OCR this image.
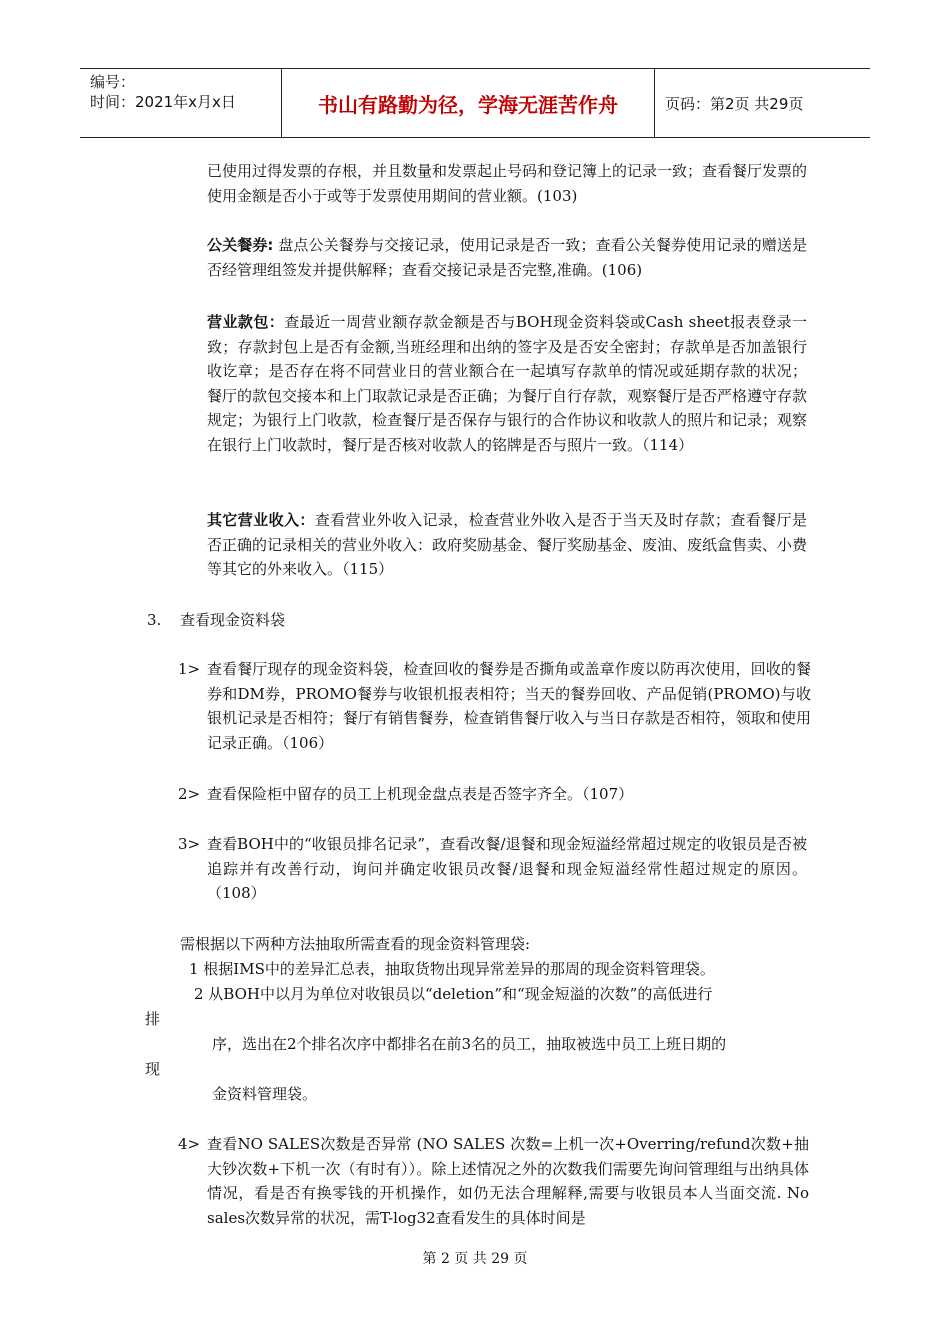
编号：
时间：2021年x月x日	书山有路勤为径，学海无涯苦作舟	页码：第2页 共29页
已使用过得发票的存根，并且数量和发票起止号码和登记簿上的记录一致；查看餐厅发票的使用金额是否小于或等于发票使用期间的营业额。(103)
公关餐券: 盘点公关餐券与交接记录，使用记录是否一致；查看公关餐券使用记录的赠送是否经管理组签发并提供解释；查看交接记录是否完整,准确。(106)
营业款包：查最近一周营业额存款金额是否与BOH现金资料袋或Cash sheet报表登录一致；存款封包上是否有金额,当班经理和出纳的签字及是否安全密封；存款单是否加盖银行收讫章；是否存在将不同营业日的营业额合在一起填写存款单的情况或延期存款的状况； 餐厅的款包交接本和上门取款记录是否正确；为餐厅自行存款，观察餐厅是否严格遵守存款规定；为银行上门收款，检查餐厅是否保存与银行的合作协议和收款人的照片和记录；观察在银行上门收款时，餐厅是否核对收款人的铭牌是否与照片一致。（114）
其它营业收入：查看营业外收入记录，检查营业外收入是否于当天及时存款；查看餐厅是否正确的记录相关的营业外收入：政府奖励基金、餐厅奖励基金、废油、废纸盒售卖、小费等其它的外来收入。（115）
3. 查看现金资料袋
1> 查看餐厅现存的现金资料袋，检查回收的餐券是否撕角或盖章作废以防再次使用，回收的餐券和DM券，PROMO餐券与收银机报表相符；当天的餐券回收、产品促销(PROMO)与收银机记录是否相符；餐厅有销售餐券，检查销售餐厅收入与当日存款是否相符，领取和使用记录正确。（106）
2> 查看保险柜中留存的员工上机现金盘点表是否签字齐全。（107）
3> 查看BOH中的“收银员排名记录”，查看改餐/退餐和现金短溢经常超过规定的收银员是否被追踪并有改善行动，询问并确定收银员改餐/退餐和现金短溢经常性超过规定的原因。（108）
需根据以下两种方法抽取所需查看的现金资料管理袋:
1 根据IMS中的差异汇总表，抽取货物出现异常差异的那周的现金资料管理袋。
2 从BOH中以月为单位对收银员以“deletion”和“现金短溢的次数”的高低进行
排
序，选出在2个排名次序中都排名在前3名的员工，抽取被选中员工上班日期的
现
金资料管理袋。
4> 查看NO SALES次数是否异常 (NO SALES 次数=上机一次+Overring/refund次数+抽大钞次数+下机一次（有时有））。除上述情况之外的次数我们需要先询问管理组与出纳具体情况，看是否有换零钱的开机操作，如仍无法合理解释,需要与收银员本人当面交流. No sales次数异常的状况，需T-log32查看发生的具体时间是
第 2 页 共 29 页
